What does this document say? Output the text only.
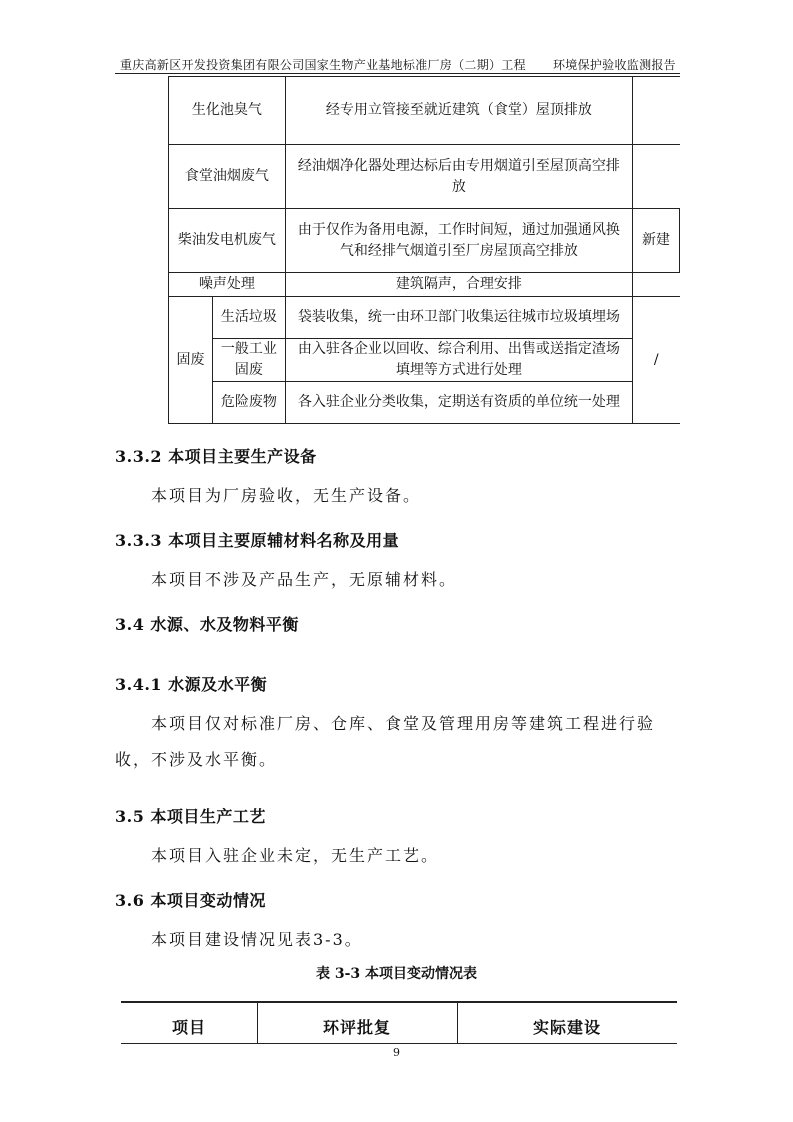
重庆高新区开发投资集团有限公司国家生物产业基地标准厂房（二期）工程 环境保护验收监测报告
生化池臭气		经专用立管接至就近建筑（食堂）屋顶排放	
食堂油烟废气		经油烟净化器处理达标后由专用烟道引至屋顶高空排放	
柴油发电机废气		由于仅作为备用电源，工作时间短，通过加强通风换气和经排气烟道引至厂房屋顶高空排放	新建
噪声处理		建筑隔声，合理安排	
固废	生活垃圾	袋装收集，统一由环卫部门收集运往城市垃圾填埋场	/
	一般工业固废	由入驻各企业以回收、综合利用、出售或送指定渣场填埋等方式进行处理	
	危险废物	各入驻企业分类收集，定期送有资质的单位统一处理	
3.3.2 本项目主要生产设备
本项目为厂房验收，无生产设备。
3.3.3 本项目主要原辅材料名称及用量
本项目不涉及产品生产，无原辅材料。
3.4 水源、水及物料平衡
3.4.1 水源及水平衡
本项目仅对标准厂房、仓库、食堂及管理用房等建筑工程进行验收，不涉及水平衡。
3.5 本项目生产工艺
本项目入驻企业未定，无生产工艺。
3.6 本项目变动情况
本项目建设情况见表3-3。
表 3-3 本项目变动情况表
项目	环评批复	实际建设
9
